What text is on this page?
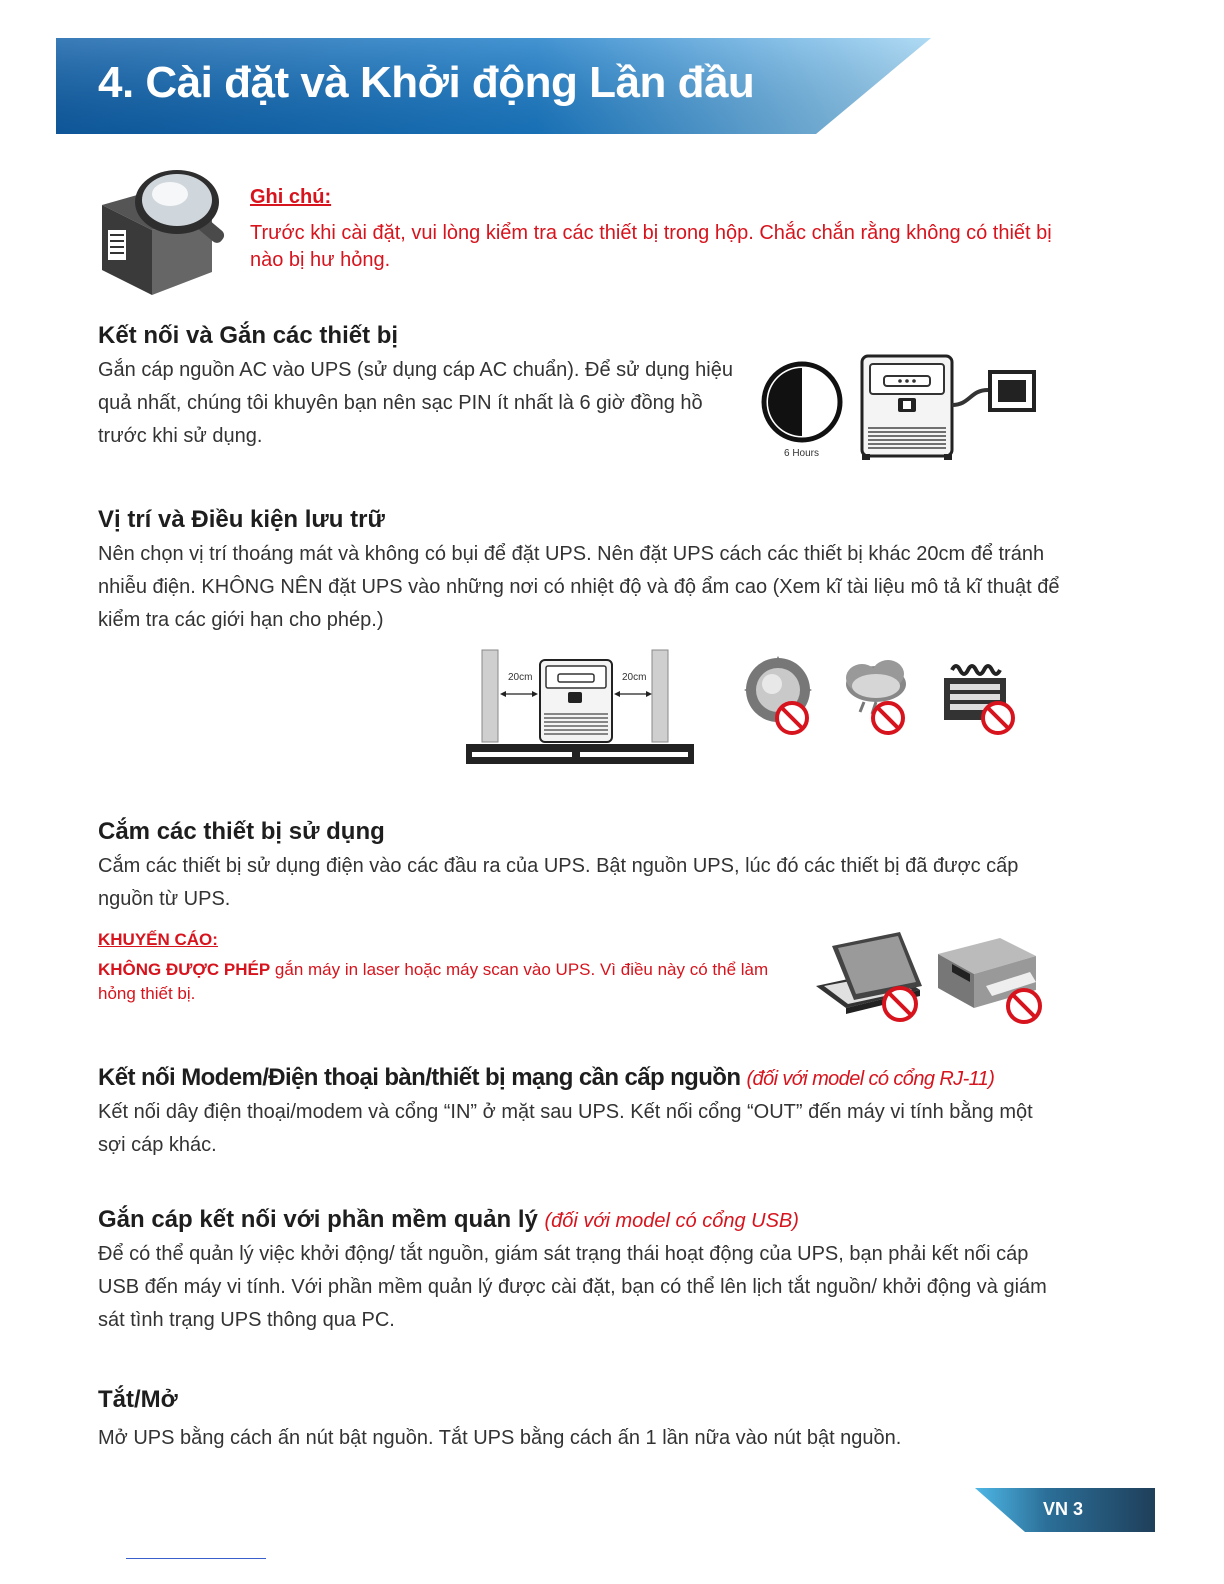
4. Cài đặt và Khởi động Lần đầu
Ghi chú:
Trước khi cài đặt, vui lòng kiểm tra các thiết bị trong hộp. Chắc chắn rằng không có thiết bị nào bị hư hỏng.
Kết nối và Gắn các thiết bị
Gắn cáp nguồn AC vào UPS (sử dụng cáp AC chuẩn). Để sử dụng hiệu quả nhất, chúng tôi khuyên bạn nên sạc PIN ít nhất là 6 giờ đồng hồ trước khi sử dụng.
6 Hours
Vị trí và Điều kiện lưu trữ
Nên chọn vị trí thoáng mát và không có bụi để đặt UPS. Nên đặt UPS cách các thiết bị khác 20cm để tránh nhiễu điện. KHÔNG NÊN đặt UPS vào những nơi có nhiệt độ và độ ẩm cao (Xem kĩ tài liệu mô tả kĩ thuật để kiểm tra các giới hạn cho phép.)
20cm	20cm
Cắm các thiết bị sử dụng
Cắm các thiết bị sử dụng điện vào các đầu ra của UPS. Bật nguồn UPS, lúc đó các thiết bị đã được cấp nguồn từ UPS.
KHUYẾN CÁO:
KHÔNG ĐƯỢC PHÉP gắn máy in laser hoặc máy scan vào UPS. Vì điều này có thể làm hỏng thiết bị.
Kết nối Modem/Điện thoại bàn/thiết bị mạng cần cấp nguồn (đối với model có cổng RJ-11)
Kết nối dây điện thoại/modem và cổng “IN” ở mặt sau UPS. Kết nối cổng “OUT” đến máy vi tính bằng một sợi cáp khác.
Gắn cáp kết nối với phần mềm quản lý (đối với model có cổng USB)
Để có thể quản lý việc khởi động/ tắt nguồn, giám sát trạng thái hoạt động của UPS, bạn phải kết nối cáp USB đến máy vi tính. Với phần mềm quản lý được cài đặt, bạn có thể lên lịch tắt nguồn/ khởi động và giám sát tình trạng UPS thông qua PC.
Tắt/Mở
Mở UPS bằng cách ấn nút bật nguồn. Tắt UPS bằng cách ấn 1 lần nữa vào nút bật nguồn.
VN 3
